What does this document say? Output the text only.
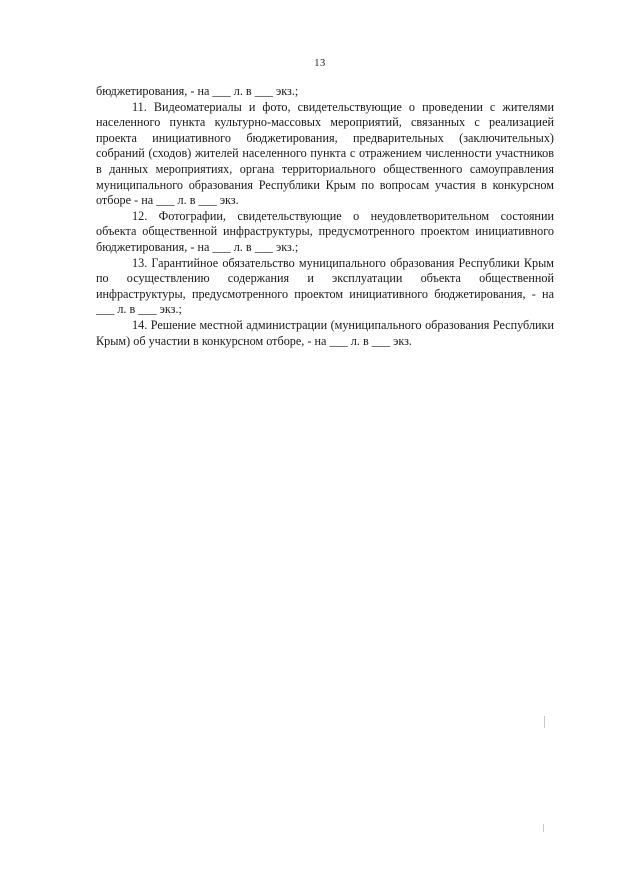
13

бюджетирования, - на ___ л. в ___ экз.;

11. Видеоматериалы и фото, свидетельствующие о проведении с жителями населенного пункта культурно-массовых мероприятий, связанных с реализацией проекта инициативного бюджетирования, предварительных (заключительных) собраний (сходов) жителей населенного пункта с отражением численности участников в данных мероприятиях, органа территориального общественного самоуправления муниципального образования Республики Крым по вопросам участия в конкурсном отборе - на ___ л. в ___ экз.

12. Фотографии, свидетельствующие о неудовлетворительном состоянии объекта общественной инфраструктуры, предусмотренного проектом инициативного бюджетирования, - на ___ л. в ___ экз.;

13. Гарантийное обязательство муниципального образования Республики Крым по осуществлению содержания и эксплуатации объекта общественной инфраструктуры, предусмотренного проектом инициативного бюджетирования, - на ___ л. в ___ экз.;

14. Решение местной администрации (муниципального образования Республики Крым) об участии в конкурсном отборе, - на ___ л. в ___ экз.
